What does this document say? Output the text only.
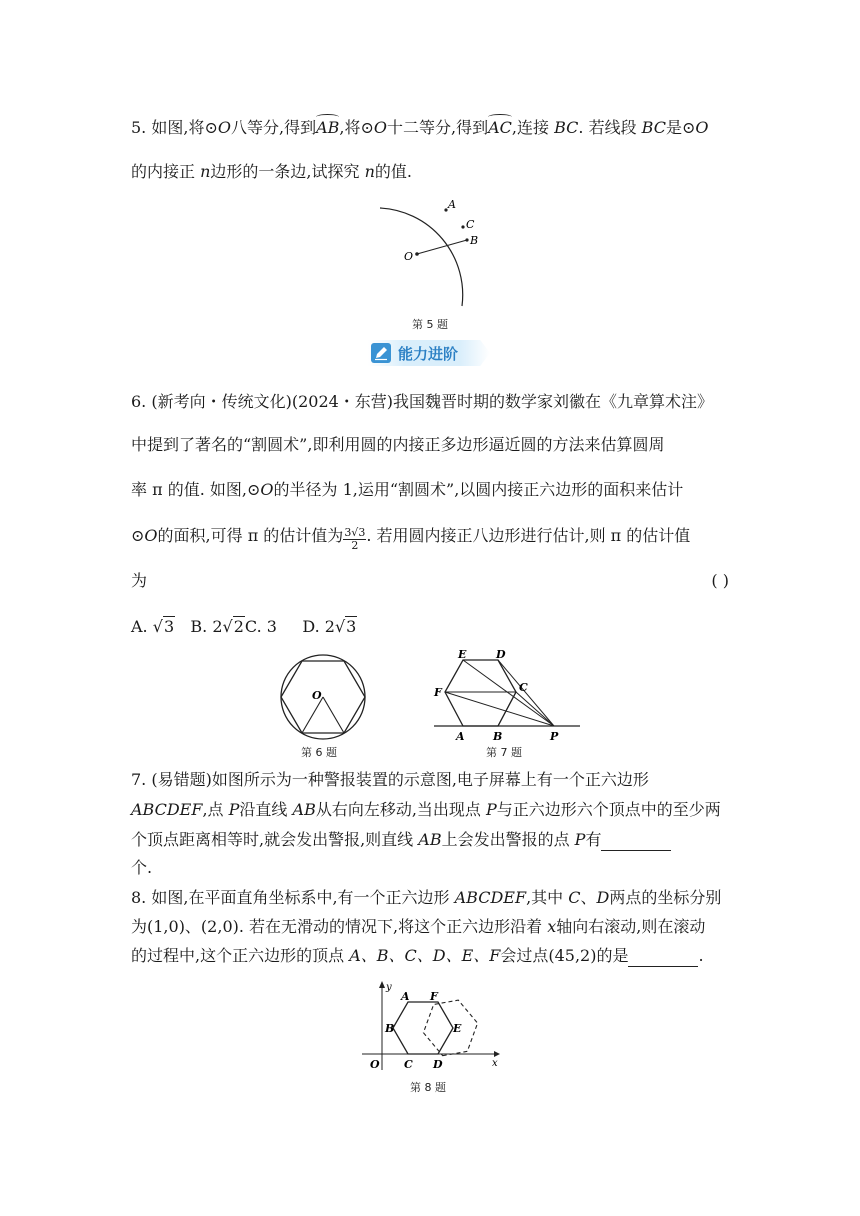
5. 如图,将⊙O八等分,得到AB,将⊙O十二等分,得到AC,连接 BC. 若线段 BC是⊙O
的内接正 n边形的一条边,试探究 n的值.
O
A
C
B
第 5 题
能力进阶
6. (新考向・传统文化)(2024・东营)我国魏晋时期的数学家刘徽在《九章算术注》
中提到了著名的“割圆术”,即利用圆的内接正多边形逼近圆的方法来估算圆周
率 π 的值. 如图,⊙O的半径为 1,运用“割圆术”,以圆内接正六边形的面积来估计
⊙O的面积,可得 π 的估计值为 $\frac{3√3}{2}$ . 若用圆内接正八边形进行估计,则 π 的估计值
为	( )
A. √3 B. 2√2C. 3 D. 2√3
O
第 6 题
E	D
F	C
A	B	P
第 7 题
7. (易错题)如图所示为一种警报装置的示意图,电子屏幕上有一个正六边形
ABCDEF,点 P沿直线 AB从右向左移动,当出现点 P与正六边形六个顶点中的至少两
个顶点距离相等时,就会发出警报,则直线 AB上会发出警报的点 P有
个.
8. 如图,在平面直角坐标系中,有一个正六边形 ABCDEF,其中 C、D两点的坐标分别
为(1,0)、(2,0). 若在无滑动的情况下,将这个正六边形沿着 x轴向右滚动,则在滚动
的过程中,这个正六边形的顶点 A、B、C、D、E、F会过点(45,2)的是	.
y
x
O
A F
B	E
C D
第 8 题
